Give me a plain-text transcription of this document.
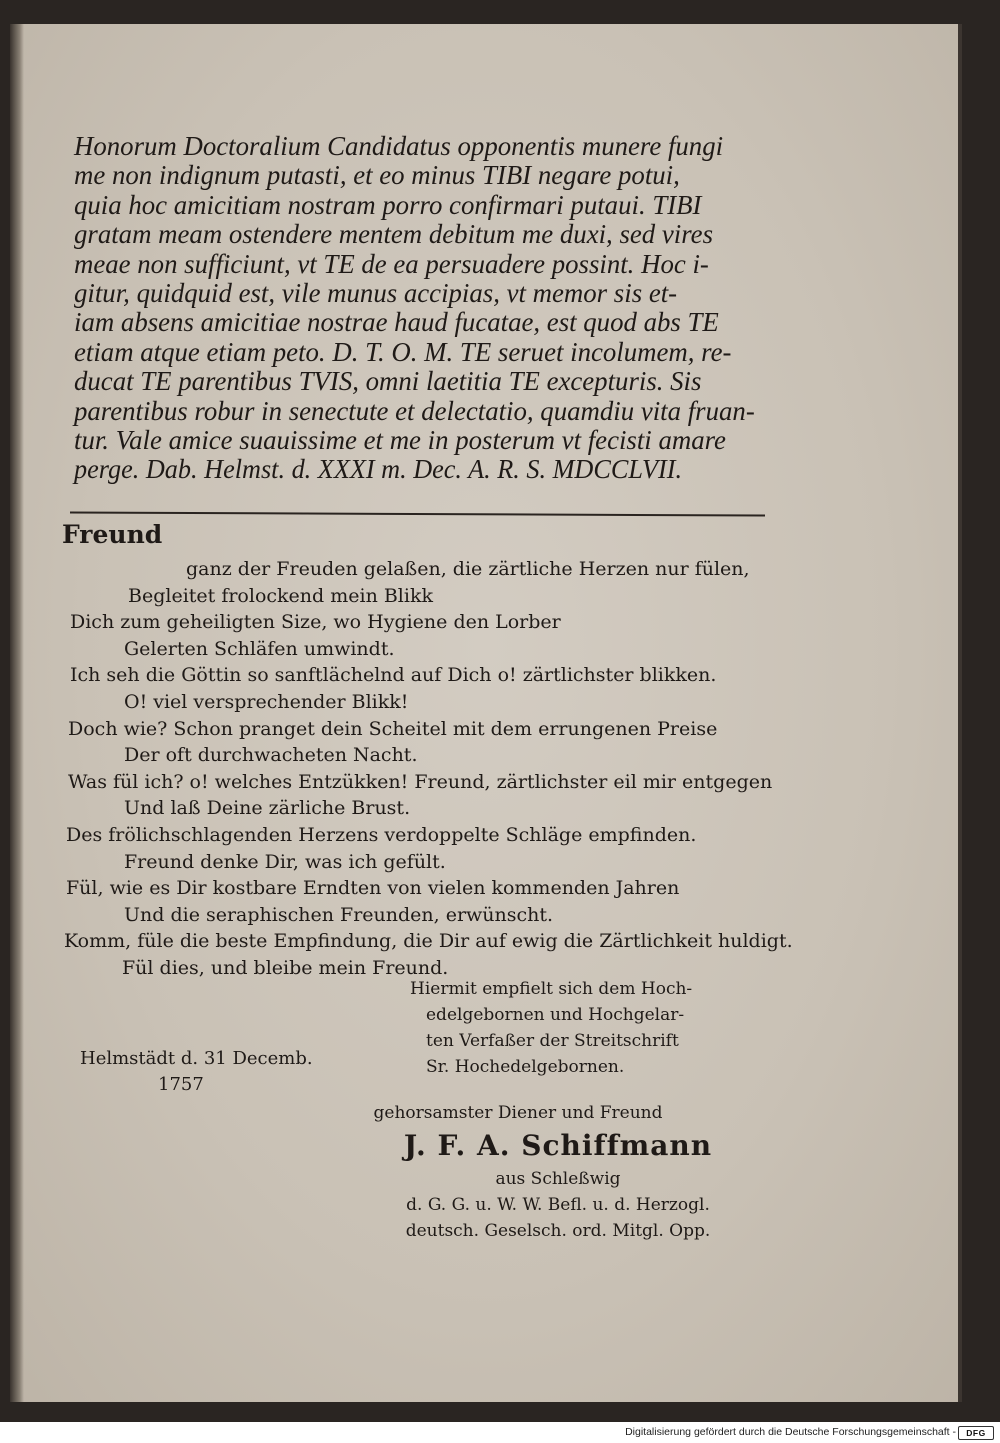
Honorum Doctoralium Candidatus opponentis munere fungi
me non indignum putasti, et eo minus TIBI negare potui,
quia hoc amicitiam nostram porro confirmari putaui. TIBI
gratam meam ostendere mentem debitum me duxi, sed vires
meae non sufficiunt, vt TE de ea persuadere possint. Hoc i-
gitur, quidquid est, vile munus accipias, vt memor sis et-
iam absens amicitiae nostrae haud fucatae, est quod abs TE
etiam atque etiam peto. D. T. O. M. TE seruet incolumem, re-
ducat TE parentibus TVIS, omni laetitia TE excepturis. Sis
parentibus robur in senectute et delectatio, quamdiu vita fruan-
tur. Vale amice suauissime et me in posterum vt fecisti amare
perge. Dab. Helmst. d. XXXI m. Dec. A. R. S. MDCCLVII.
Freund
ganz der Freuden gelaßen, die zärtliche Herzen nur fülen,
Begleitet frolockend mein Blikk
Dich zum geheiligten Size, wo Hygiene den Lorber
Gelerten Schläfen umwindt.
Ich seh die Göttin so sanftlächelnd auf Dich o! zärtlichster blikken.
O! viel versprechender Blikk!
Doch wie? Schon pranget dein Scheitel mit dem errungenen Preise
Der oft durchwacheten Nacht.
Was fül ich? o! welches Entzükken! Freund, zärtlichster eil mir entgegen
Und laß Deine zärliche Brust.
Des frölichschlagenden Herzens verdoppelte Schläge empfinden.
Freund denke Dir, was ich gefült.
Fül, wie es Dir kostbare Erndten von vielen kommenden Jahren
Und die seraphischen Freunden, erwünscht.
Komm, füle die beste Empfindung, die Dir auf ewig die Zärtlichkeit huldigt.
Fül dies, und bleibe mein Freund.
Hiermit empfielt sich dem Hoch-
edelgebornen und Hochgelar-
ten Verfaßer der Streitschrift
Sr. Hochedelgebornen.
Helmstädt d. 31 Decemb.
1757
gehorsamster Diener und Freund
J. F. A. Schiffmann
aus Schleßwig
d. G. G. u. W. W. Befl. u. d. Herzogl.
deutsch. Geselsch. ord. Mitgl. Opp.
Digitalisierung gefördert durch die Deutsche Forschungsgemeinschaft -	DFG
